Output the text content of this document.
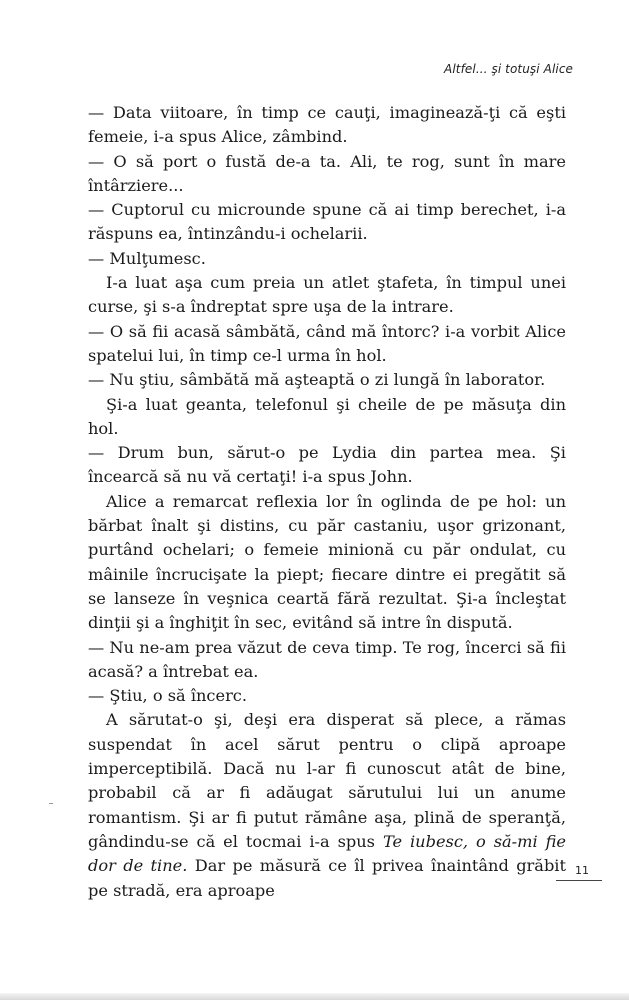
Altfel... şi totuşi Alice

— Data viitoare, în timp ce cauţi, imaginează-ţi că eşti femeie, i-a spus Alice, zâmbind.

— O să port o fustă de-a ta. Ali, te rog, sunt în mare întârziere...

— Cuptorul cu microunde spune că ai timp berechet, i-a răspuns ea, întinzându-i ochelarii.

— Mulţumesc.

I-a luat aşa cum preia un atlet ştafeta, în timpul unei curse, şi s-a îndreptat spre uşa de la intrare.

— O să fii acasă sâmbătă, când mă întorc? i-a vorbit Alice spatelui lui, în timp ce-l urma în hol.

— Nu ştiu, sâmbătă mă aşteaptă o zi lungă în laborator.

Şi-a luat geanta, telefonul şi cheile de pe măsuţa din hol.

— Drum bun, sărut-o pe Lydia din partea mea. Şi încearcă să nu vă certaţi! i-a spus John.

Alice a remarcat reflexia lor în oglinda de pe hol: un bărbat înalt şi distins, cu păr castaniu, uşor grizonant, purtând ochelari; o femeie minionă cu păr ondulat, cu mâinile încrucişate la piept; fiecare dintre ei pregătit să se lanseze în veşnica ceartă fără rezultat. Şi-a încleştat dinţii şi a înghiţit în sec, evitând să intre în dispută.

— Nu ne-am prea văzut de ceva timp. Te rog, încerci să fii acasă? a întrebat ea.

— Ştiu, o să încerc.

A sărutat-o şi, deşi era disperat să plece, a rămas suspendat în acel sărut pentru o clipă aproape imperceptibilă. Dacă nu l-ar fi cunoscut atât de bine, probabil că ar fi adăugat sărutului lui un anume romantism. Şi ar fi putut rămâne aşa, plină de speranţă, gândindu-se că el tocmai i-a spus Te iubesc, o să-mi fie dor de tine. Dar pe măsură ce îl privea înaintând grăbit pe stradă, era aproape

11
